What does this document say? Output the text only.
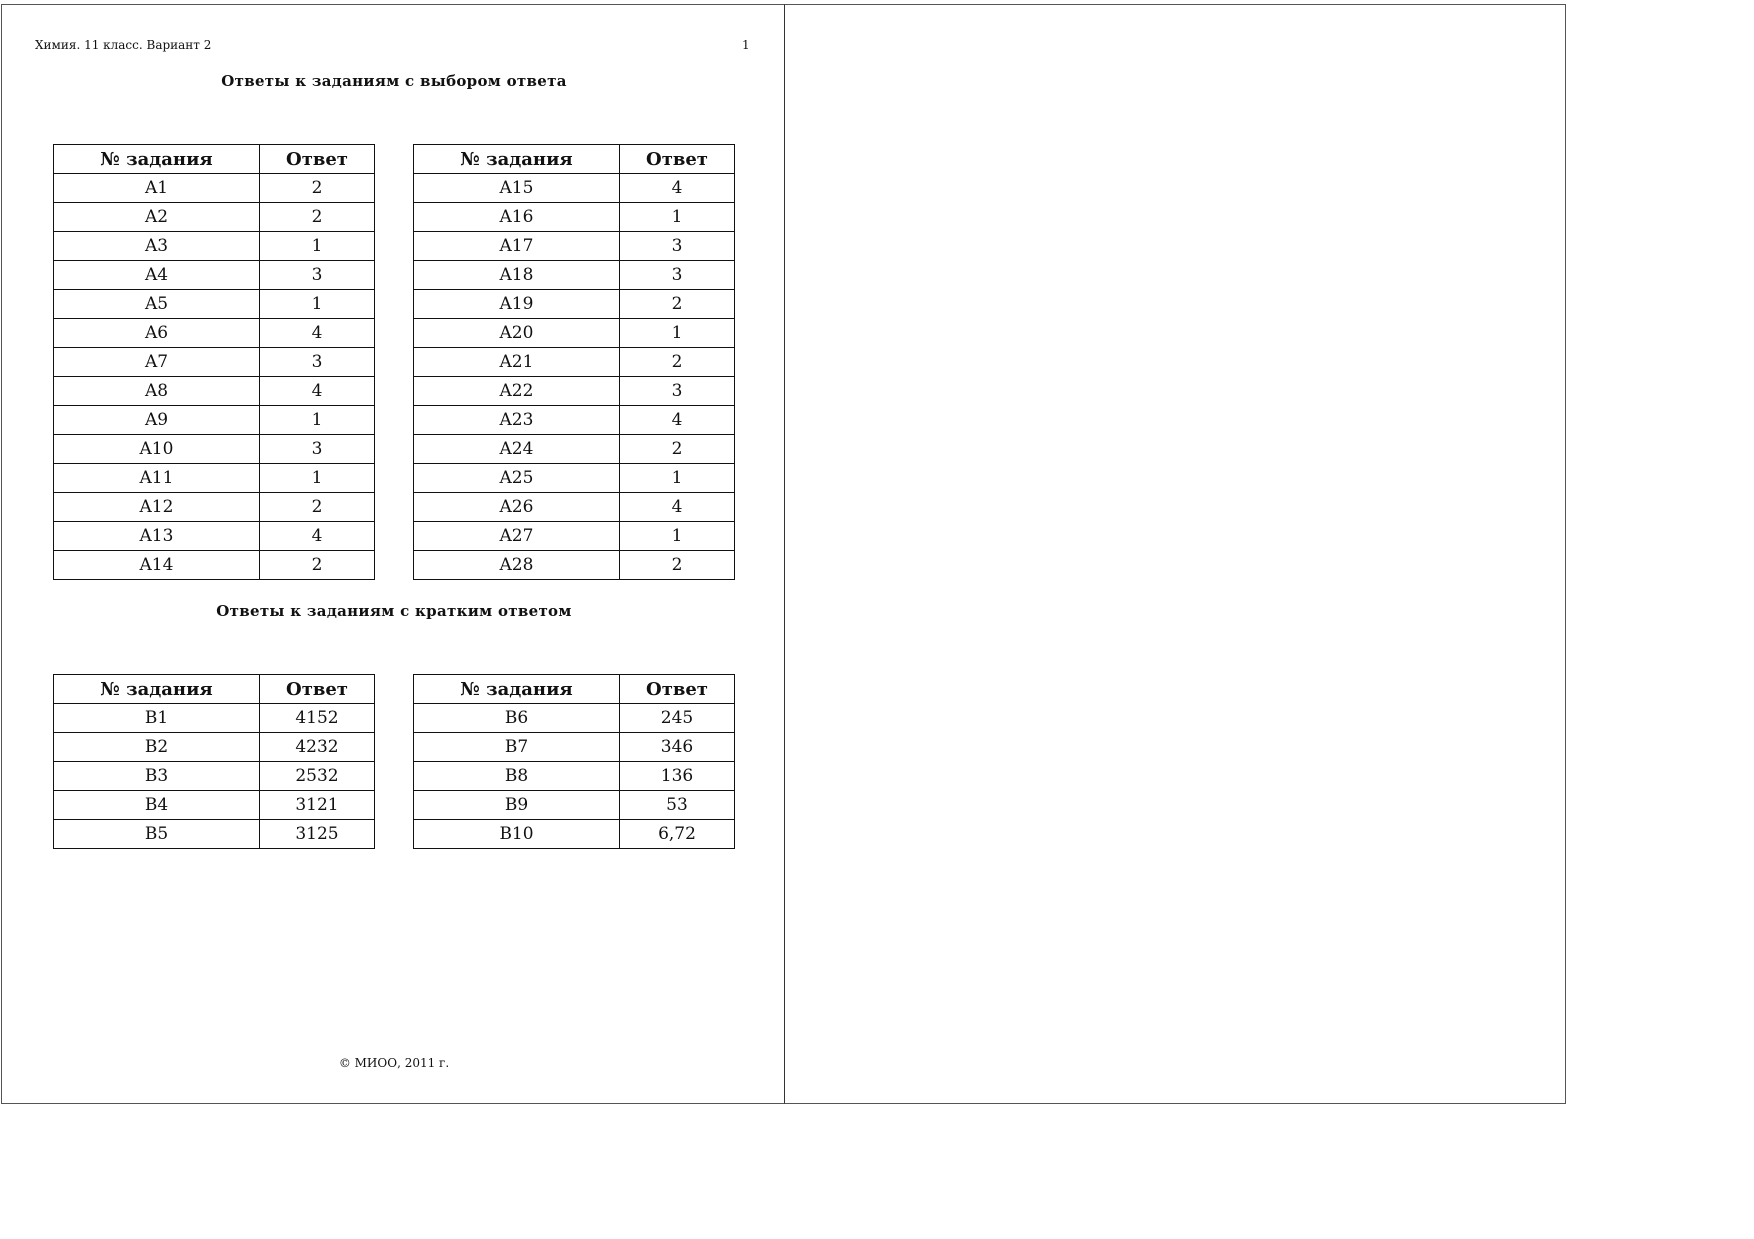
Химия. 11 класс. Вариант 2	1
Ответы к заданиям с выбором ответа
№ задания	Ответ
A1	2
A2	2
A3	1
A4	3
A5	1
A6	4
A7	3
A8	4
A9	1
A10	3
A11	1
A12	2
A13	4
A14	2
№ задания	Ответ
A15	4
A16	1
A17	3
A18	3
A19	2
A20	1
A21	2
A22	3
A23	4
A24	2
A25	1
A26	4
A27	1
A28	2
Ответы к заданиям с кратким ответом
№ задания	Ответ
B1	4152
B2	4232
B3	2532
B4	3121
B5	3125
№ задания	Ответ
B6	245
B7	346
B8	136
B9	53
B10	6,72
© МИОО, 2011 г.
